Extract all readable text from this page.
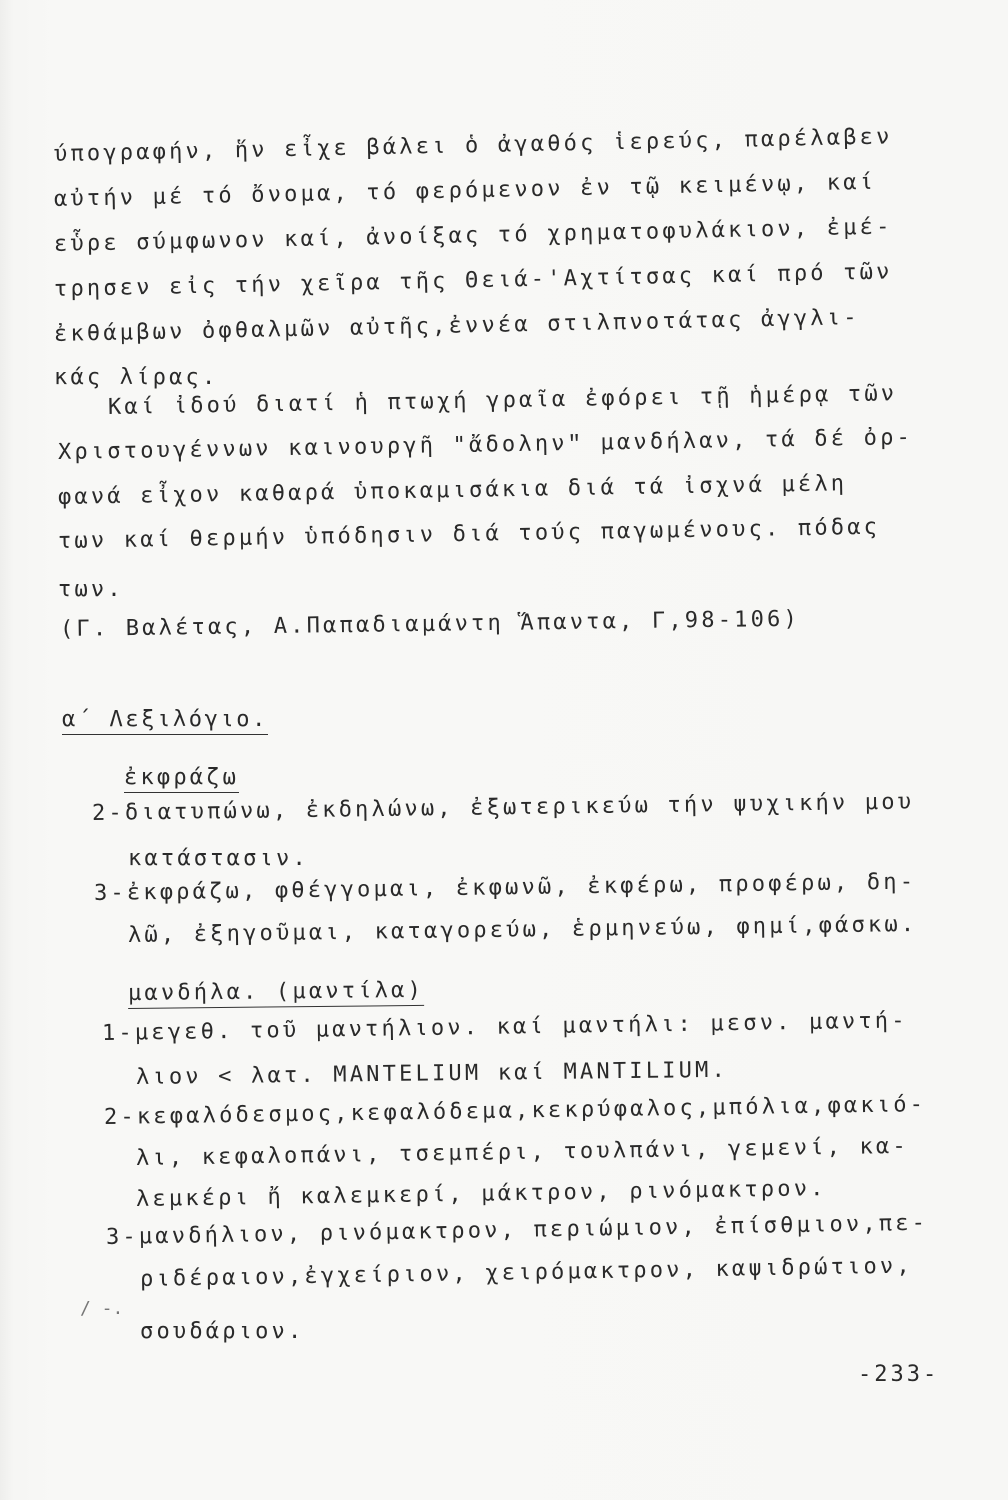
ύπογραφήν, ἥν εἶχε βάλει ὁ ἀγαθός ἱερεύς, παρέλαβεν
αὐτήν μέ τό ὄνομα, τό φερόμενον ἐν τῷ κειμένῳ, καί
εὗρε σύμφωνον καί, ἀνοίξας τό χρηματοφυλάκιον, ἐμέ-
τρησεν εἰς τήν χεῖρα τῆς Θειά-'Αχτίτσας καί πρό τῶν
ἐκθάμβων ὀφθαλμῶν αὐτῆς,ἐννέα στιλπνοτάτας ἀγγλι-
κάς λίρας.
Καί ἰδού διατί ἡ πτωχή γραῖα ἐφόρει τῇ ἡμέρᾳ τῶν
Χριστουγέννων καινουργῆ "ἄδοληνʺ μανδήλαν, τά δέ ὀρ-
φανά εἶχον καθαρά ὑποκαμισάκια διά τά ἰσχνά μέλη
των καί θερμήν ὑπόδησιν διά τούς παγωμένους. πόδας
των.
(Γ. Βαλέτας, Α.Παπαδιαμάντη Ἅπαντα, Γ,98-106)
α΄ Λεξιλόγιο.
ἐκφράζω
2-διατυπώνω, ἐκδηλώνω, ἐξωτερικεύω τήν ψυχικήν μου
κατάστασιν.
3-ἐκφράζω, φθέγγομαι, ἐκφωνῶ, ἐκφέρω, προφέρω, δη-
λῶ, ἐξηγοῦμαι, καταγορεύω, ἑρμηνεύω, φημί,φάσκω.
μανδήλα. (μαντίλα)
1-μεγεθ. τοῦ μαντήλιον. καί μαντήλι: μεσν. μαντή-
λιον < λατ. MANTELIUM καί MANTILIUM.
2-κεφαλόδεσμος,κεφαλόδεμα,κεκρύφαλος,μπόλια,φακιό-
λι, κεφαλοπάνι, τσεμπέρι, τουλπάνι, γεμενί, κα-
λεμκέρι ἤ καλεμκερί, μάκτρον, ρινόμακτρον.
3-μανδήλιον, ρινόμακτρον, περιώμιον, ἐπίσθμιον,πε-
ριδέραιον,ἐγχείριον, χειρόμακτρον, καψιδρώτιον,
σουδάριον.
/ -.
-233-
